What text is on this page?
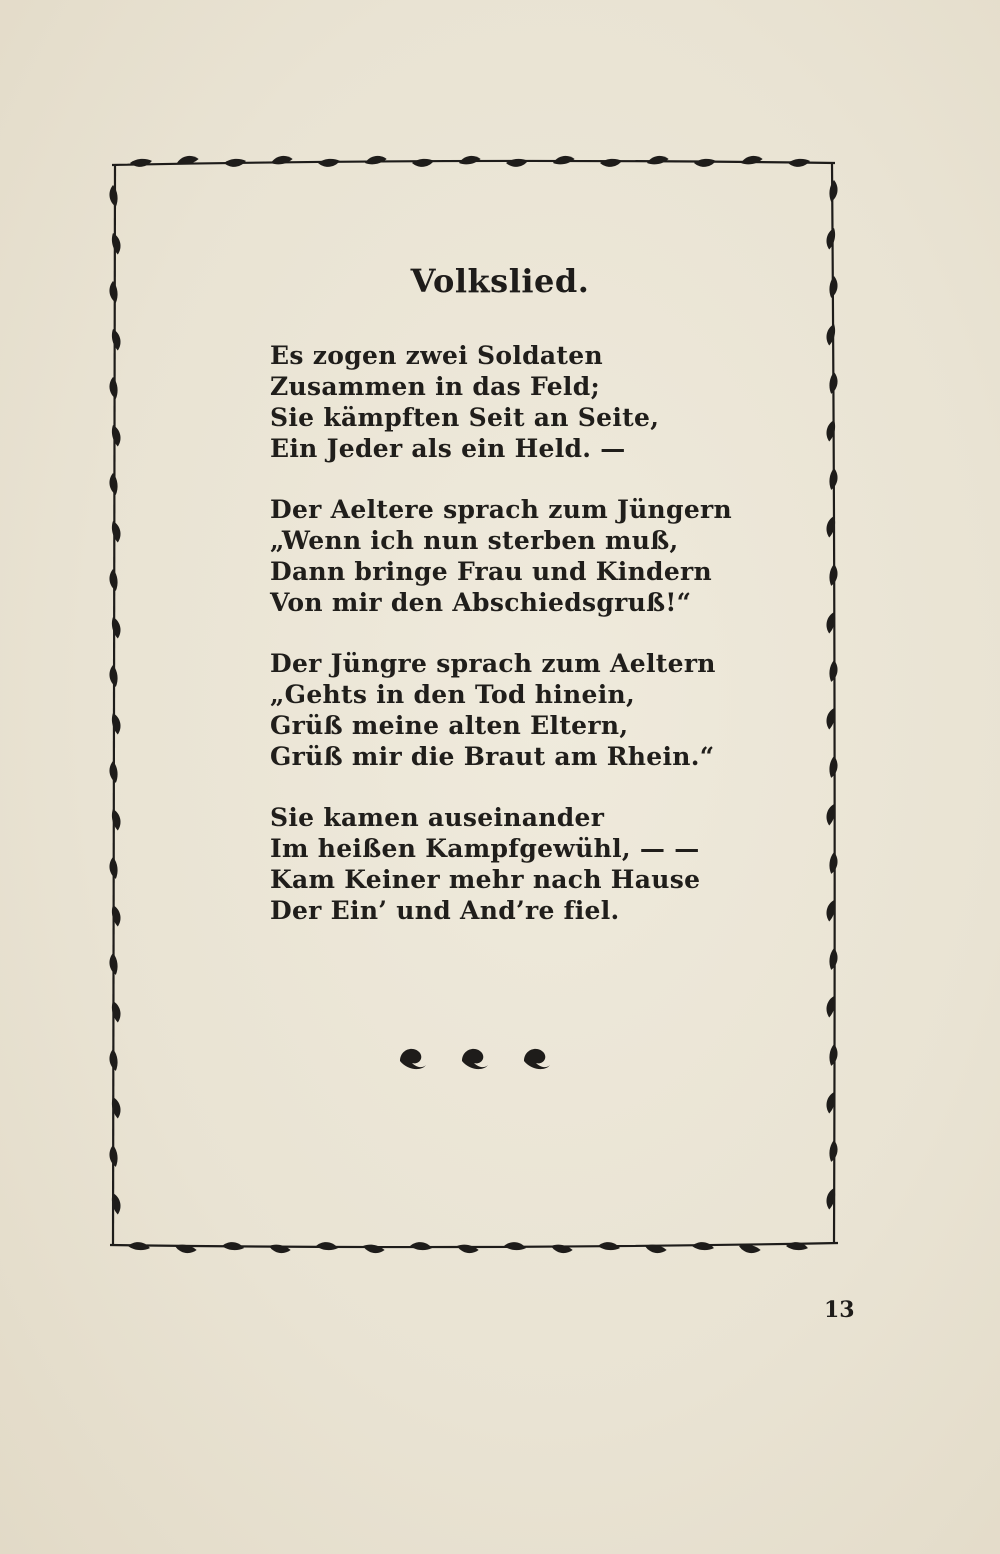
Volkslied.
Es zogen zwei Soldaten
Zusammen in das Feld;
Sie kämpften Seit an Seite,
Ein Jeder als ein Held. —
Der Aeltere sprach zum Jüngern
„Wenn ich nun sterben muß,
Dann bringe Frau und Kindern
Von mir den Abschiedsgruß!“
Der Jüngre sprach zum Aeltern
„Gehts in den Tod hinein,
Grüß meine alten Eltern,
Grüß mir die Braut am Rhein.“
Sie kamen auseinander
Im heißen Kampfgewühl, — —
Kam Keiner mehr nach Hause
Der Ein’ und And’re fiel.
13
